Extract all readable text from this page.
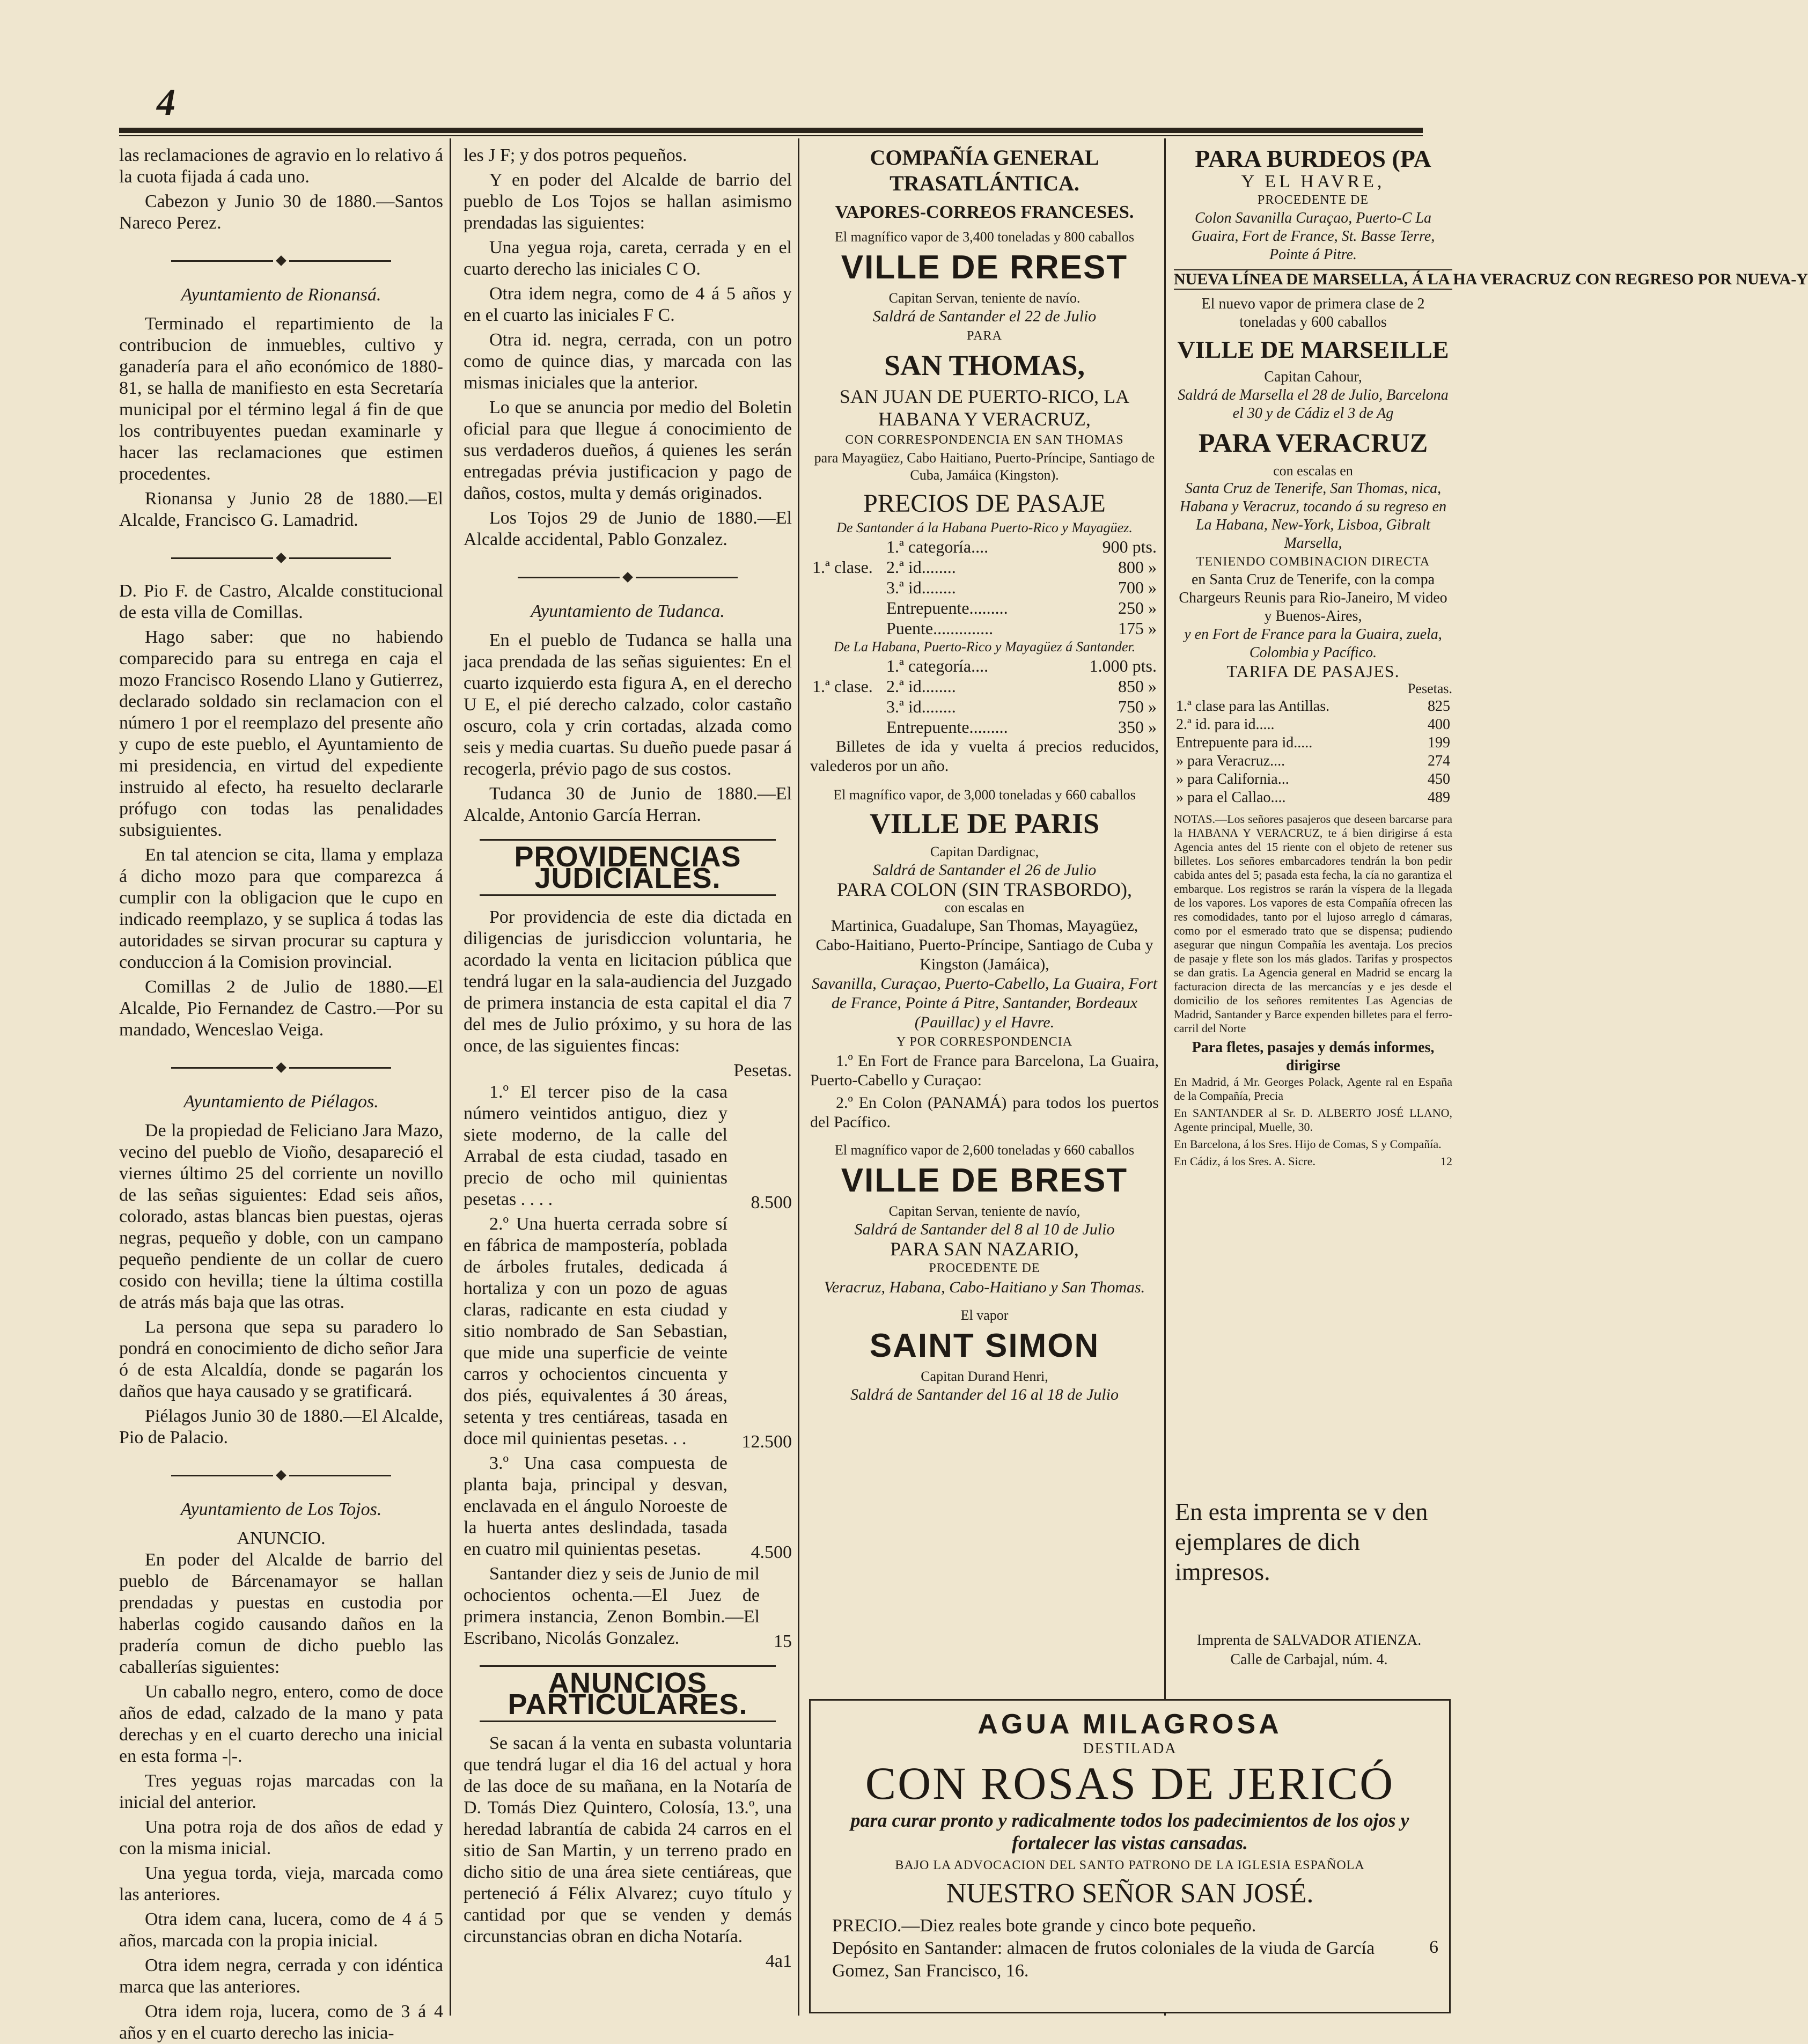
4

las reclamaciones de agravio en lo relativo á la cuota fijada á cada uno.

Cabezon y Junio 30 de 1880.—Santos Nareco Perez.

Ayuntamiento de Rionansá.

Terminado el repartimiento de la contribucion de inmuebles, cultivo y ganadería para el año económico de 1880-81, se halla de manifiesto en esta Secretaría municipal por el término legal á fin de que los contribuyentes puedan examinarle y hacer las reclamaciones que estimen procedentes.

Rionansa y Junio 28 de 1880.—El Alcalde, Francisco G. Lamadrid.

D. Pio F. de Castro, Alcalde constitucional de esta villa de Comillas.

Hago saber: que no habiendo comparecido para su entrega en caja el mozo Francisco Rosendo Llano y Gutierrez, declarado soldado sin reclamacion con el número 1 por el reemplazo del presente año y cupo de este pueblo, el Ayuntamiento de mi presidencia, en virtud del expediente instruido al efecto, ha resuelto declararle prófugo con todas las penalidades subsiguientes.

En tal atencion se cita, llama y emplaza á dicho mozo para que comparezca á cumplir con la obligacion que le cupo en indicado reemplazo, y se suplica á todas las autoridades se sirvan procurar su captura y conduccion á la Comision provincial.

Comillas 2 de Julio de 1880.—El Alcalde, Pio Fernandez de Castro.—Por su mandado, Wenceslao Veiga.

Ayuntamiento de Piélagos.

De la propiedad de Feliciano Jara Mazo, vecino del pueblo de Vioño, desapareció el viernes último 25 del corriente un novillo de las señas siguientes: Edad seis años, colorado, astas blancas bien puestas, ojeras negras, pequeño y doble, con un campano pequeño pendiente de un collar de cuero cosido con hevilla; tiene la última costilla de atrás más baja que las otras.

La persona que sepa su paradero lo pondrá en conocimiento de dicho señor Jara ó de esta Alcaldía, donde se pagarán los daños que haya causado y se gratificará.

Piélagos Junio 30 de 1880.—El Alcalde, Pio de Palacio.

Ayuntamiento de Los Tojos.
ANUNCIO.

En poder del Alcalde de barrio del pueblo de Bárcenamayor se hallan prendadas y puestas en custodia por haberlas cogido causando daños en la pradería comun de dicho pueblo las caballerías siguientes:

Un caballo negro, entero, como de doce años de edad, calzado de la mano y pata derechas y en el cuarto derecho una inicial en esta forma -|-.

Tres yeguas rojas marcadas con la inicial del anterior.

Una potra roja de dos años de edad y con la misma inicial.

Una yegua torda, vieja, marcada como las anteriores.

Otra idem cana, lucera, como de 4 á 5 años, marcada con la propia inicial.

Otra idem negra, cerrada y con idéntica marca que las anteriores.

Otra idem roja, lucera, como de 3 á 4 años y en el cuarto derecho las inicia-

les J F; y dos potros pequeños.

Y en poder del Alcalde de barrio del pueblo de Los Tojos se hallan asimismo prendadas las siguientes:

Una yegua roja, careta, cerrada y en el cuarto derecho las iniciales C O.

Otra idem negra, como de 4 á 5 años y en el cuarto las iniciales F C.

Otra id. negra, cerrada, con un potro como de quince dias, y marcada con las mismas iniciales que la anterior.

Lo que se anuncia por medio del Boletin oficial para que llegue á conocimiento de sus verdaderos dueños, á quienes les serán entregadas prévia justificacion y pago de daños, costos, multa y demás originados.

Los Tojos 29 de Junio de 1880.—El Alcalde accidental, Pablo Gonzalez.

Ayuntamiento de Tudanca.

En el pueblo de Tudanca se halla una jaca prendada de las señas siguientes: En el cuarto izquierdo esta figura A, en el derecho U E, el pié derecho calzado, color castaño oscuro, cola y crin cortadas, alzada como seis y media cuartas. Su dueño puede pasar á recogerla, prévio pago de sus costos.

Tudanca 30 de Junio de 1880.—El Alcalde, Antonio García Herran.

PROVIDENCIAS JUDICIALES.

Por providencia de este dia dictada en diligencias de jurisdiccion voluntaria, he acordado la venta en licitacion pública que tendrá lugar en la sala-audiencia del Juzgado de primera instancia de esta capital el dia 7 del mes de Julio próximo, y su hora de las once, de las siguientes fincas:

Pesetas.

1.º El tercer piso de la casa número veintidos antiguo, diez y siete moderno, de la calle del Arrabal de esta ciudad, tasado en precio de ocho mil quinientas pesetas . . . .	8.500

2.º Una huerta cerrada sobre sí en fábrica de mampostería, poblada de árboles frutales, dedicada á hortaliza y con un pozo de aguas claras, radicante en esta ciudad y sitio nombrado de San Sebastian, que mide una superficie de veinte carros y ochocientos cincuenta y dos piés, equivalentes á 30 áreas, setenta y tres centiáreas, tasada en doce mil quinientas pesetas. . .	12.500

3.º Una casa compuesta de planta baja, principal y desvan, enclavada en el ángulo Noroeste de la huerta antes deslindada, tasada en cuatro mil quinientas pesetas.	4.500

Santander diez y seis de Junio de mil ochocientos ochenta.—El Juez de primera instancia, Zenon Bombin.—El Escribano, Nicolás Gonzalez.	15
ANUNCIOS PARTICULARES.

Se sacan á la venta en subasta voluntaria que tendrá lugar el dia 16 del actual y hora de las doce de su mañana, en la Notaría de D. Tomás Diez Quintero, Colosía, 13.º, una heredad labrantía de cabida 24 carros en el sitio de San Martin, y un terreno prado en dicho sitio de una área siete centiáreas, que perteneció á Félix Alvarez; cuyo título y cantidad por que se venden y demás circunstancias obran en dicha Notaría.

4a1
COMPAÑÍA GENERAL TRASATLÁNTICA.
VAPORES-CORREOS FRANCESES.
El magnífico vapor de 3,400 toneladas y 800 caballos
VILLE DE RREST
Capitan Servan, teniente de navío.
Saldrá de Santander el 22 de Julio
PARA
SAN THOMAS,
SAN JUAN DE PUERTO-RICO, LA HABANA Y VERACRUZ,
CON CORRESPONDENCIA EN SAN THOMAS
para Mayagüez, Cabo Haitiano, Puerto-Príncipe, Santiago de Cuba, Jamáica (Kingston).
PRECIOS DE PASAJE
De Santander á la Habana Puerto-Rico y Mayagüez.
1.ª clase.	1.ª categoría....	900 pts.
	2.ª id........	800 »
	3.ª id........	700 »
	Entrepuente.........	250 »
	Puente..............	175 »
De La Habana, Puerto-Rico y Mayagüez á Santander.
1.ª clase.	1.ª categoría....	1.000 pts.
	2.ª id........	850 »
	3.ª id........	750 »
	Entrepuente.........	350 »

Billetes de ida y vuelta á precios reducidos, valederos por un año.

El magnífico vapor, de 3,000 toneladas y 660 caballos
VILLE DE PARIS
Capitan Dardignac,
Saldrá de Santander el 26 de Julio
PARA COLON (SIN TRASBORDO),
con escalas en
Martinica, Guadalupe, San Thomas, Mayagüez, Cabo-Haitiano, Puerto-Príncipe, Santiago de Cuba y Kingston (Jamáica),
Savanilla, Curaçao, Puerto-Cabello, La Guaira, Fort de France, Pointe á Pitre, Santander, Bordeaux (Pauillac) y el Havre.
Y POR CORRESPONDENCIA

1.º En Fort de France para Barcelona, La Guaira, Puerto-Cabello y Curaçao:

2.º En Colon (PANAMÁ) para todos los puertos del Pacífico.

El magnífico vapor de 2,600 toneladas y 660 caballos
VILLE DE BREST
Capitan Servan, teniente de navío,
Saldrá de Santander del 8 al 10 de Julio
PARA SAN NAZARIO,
PROCEDENTE DE
Veracruz, Habana, Cabo-Haitiano y San Thomas.
El vapor
SAINT SIMON
Capitan Durand Henri,
Saldrá de Santander del 16 al 18 de Julio
PARA BURDEOS (PA
Y EL HAVRE,
PROCEDENTE DE
Colon Savanilla Curaçao, Puerto-C La Guaira, Fort de France, St. Basse Terre, Pointe á Pitre.
NUEVA LÍNEA DE MARSELLA, Á LA HA VERACRUZ CON REGRESO POR NUEVA-Y
El nuevo vapor de primera clase de 2 toneladas y 600 caballos
VILLE DE MARSEILLE
Capitan Cahour,
Saldrá de Marsella el 28 de Julio, Barcelona el 30 y de Cádiz el 3 de Ag
PARA VERACRUZ
con escalas en
Santa Cruz de Tenerife, San Thomas, nica, Habana y Veracruz, tocando á su regreso en
La Habana, New-York, Lisboa, Gibralt Marsella,
TENIENDO COMBINACION DIRECTA
en Santa Cruz de Tenerife, con la compa Chargeurs Reunis para Rio-Janeiro, M video y Buenos-Aires,
y en Fort de France para la Guaira, zuela, Colombia y Pacífico.
TARIFA DE PASAJES.
Pesetas.
1.ª clase para las Antillas.	825
2.ª id. para id.....	400
Entrepuente para id.....	199
» para Veracruz....	274
» para California...	450
» para el Callao....	489

NOTAS.—Los señores pasajeros que deseen barcarse para la HABANA Y VERACRUZ, te á bien dirigirse á esta Agencia antes del 15 riente con el objeto de retener sus billetes. Los señores embarcadores tendrán la bon pedir cabida antes del 5; pasada esta fecha, la cía no garantiza el embarque. Los registros se rarán la víspera de la llegada de los vapores. Los vapores de esta Compañía ofrecen las res comodidades, tanto por el lujoso arreglo d cámaras, como por el esmerado trato que se dispensa; pudiendo asegurar que ningun Compañía les aventaja. Los precios de pasaje y flete son los más glados. Tarifas y prospectos se dan gratis. La Agencia general en Madrid se encarg la facturacion directa de las mercancías y e jes desde el domicilio de los señores remitentes Las Agencias de Madrid, Santander y Barce expenden billetes para el ferro-carril del Norte

Para fletes, pasajes y demás informes, dirigirse

En Madrid, á Mr. Georges Polack, Agente ral en España de la Compañía, Precia

En SANTANDER al Sr. D. ALBERTO JOSÉ LLANO, Agente principal, Muelle, 30.

En Barcelona, á los Sres. Hijo de Comas, S y Compañía.

En Cádiz, á los Sres. A. Sicre.	12
En esta imprenta se v den ejemplares de dich impresos.
Imprenta de SALVADOR ATIENZA.
Calle de Carbajal, núm. 4.
AGUA MILAGROSA
DESTILADA
CON ROSAS DE JERICÓ
para curar pronto y radicalmente todos los padecimientos de los ojos y fortalecer las vistas cansadas.
BAJO LA ADVOCACION DEL SANTO PATRONO DE LA IGLESIA ESPAÑOLA
NUESTRO SEÑOR SAN JOSÉ.
PRECIO.—Diez reales bote grande y cinco bote pequeño.
Depósito en Santander: almacen de frutos coloniales de la viuda de García Gomez, San Francisco, 16.
6
